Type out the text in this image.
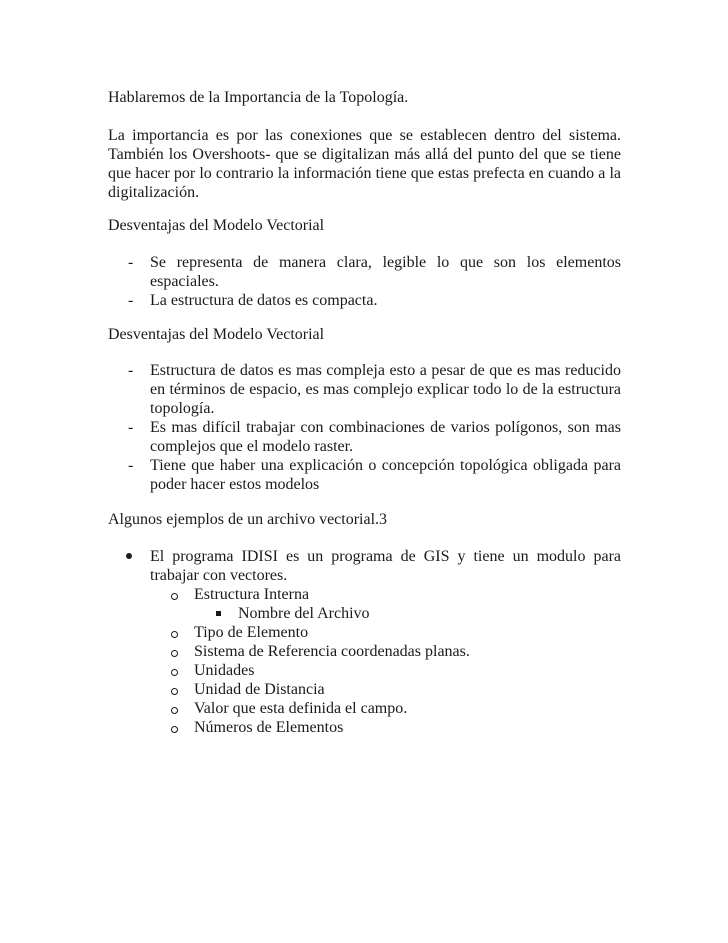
Hablaremos de la Importancia de la Topología.
La importancia es por las conexiones que se establecen dentro del sistema. También los Overshoots- que se digitalizan más allá del punto del que se tiene que hacer por lo contrario la información tiene que estas prefecta en cuando a la digitalización.
Desventajas del Modelo Vectorial
- Se representa de manera clara, legible lo que son los elementos espaciales.
- La estructura de datos es compacta.
Desventajas del Modelo Vectorial
- Estructura de datos es mas compleja esto a pesar de que es mas reducido en términos de espacio, es mas complejo explicar todo lo de la estructura topología.
- Es mas difícil trabajar con combinaciones de varios polígonos, son mas complejos que el modelo raster.
- Tiene que haber una explicación o concepción topológica obligada para poder hacer estos modelos
Algunos ejemplos de un archivo vectorial.3
El programa IDISI es un programa de GIS y tiene un modulo para trabajar con vectores.
Estructura Interna
Nombre del Archivo
Tipo de Elemento
Sistema de Referencia coordenadas planas.
Unidades
Unidad de Distancia
Valor que esta definida el campo.
Números de Elementos
